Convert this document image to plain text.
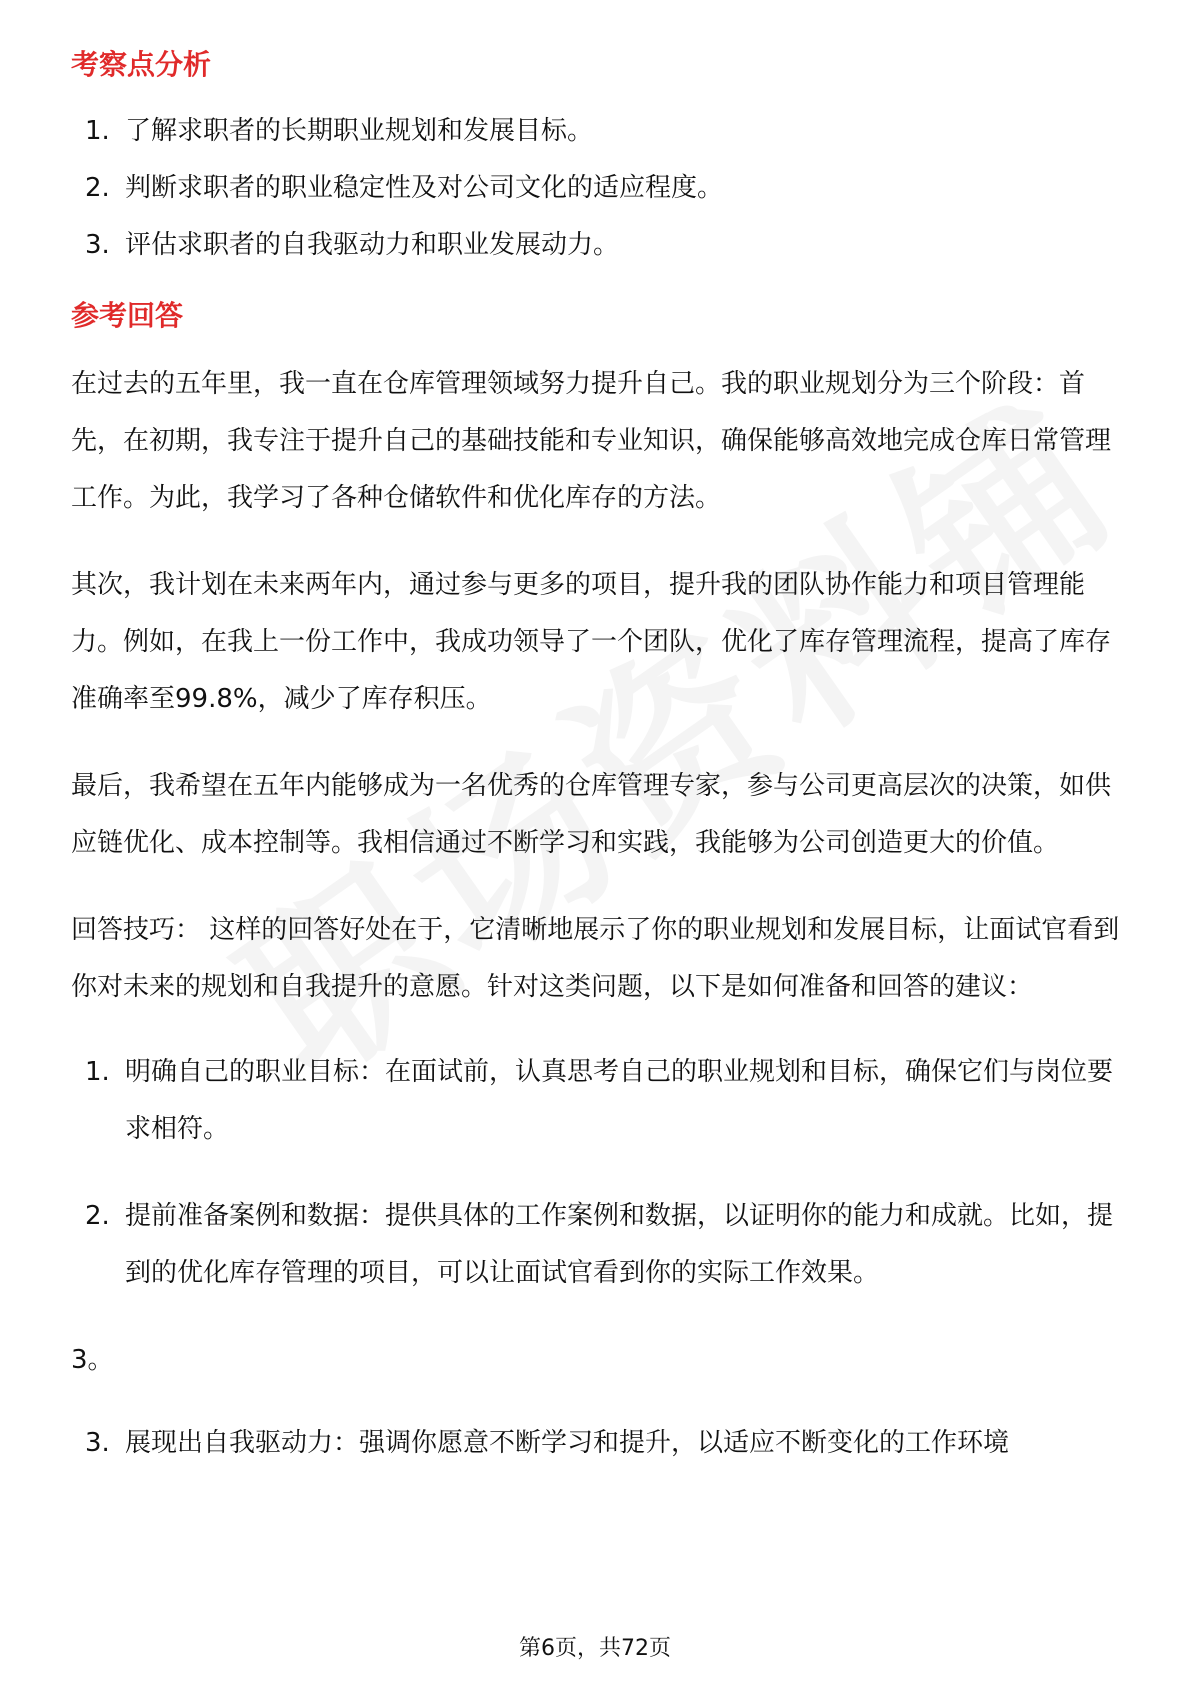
考察点分析
1. 了解求职者的长期职业规划和发展目标。
2. 判断求职者的职业稳定性及对公司文化的适应程度。
3. 评估求职者的自我驱动力和职业发展动力。
参考回答

在过去的五年里，我一直在仓库管理领域努力提升自己。我的职业规划分为三个阶段：首先，在初期，我专注于提升自己的基础技能和专业知识，确保能够高效地完成仓库日常管理工作。为此，我学习了各种仓储软件和优化库存的方法。

其次，我计划在未来两年内，通过参与更多的项目，提升我的团队协作能力和项目管理能力。例如，在我上一份工作中，我成功领导了一个团队，优化了库存管理流程，提高了库存准确率至99.8%，减少了库存积压。

最后，我希望在五年内能够成为一名优秀的仓库管理专家，参与公司更高层次的决策，如供应链优化、成本控制等。我相信通过不断学习和实践，我能够为公司创造更大的价值。

回答技巧： 这样的回答好处在于，它清晰地展示了你的职业规划和发展目标，让面试官看到你对未来的规划和自我提升的意愿。针对这类问题，以下是如何准备和回答的建议：

1. 明确自己的职业目标：在面试前，认真思考自己的职业规划和目标，确保它们与岗位要求相符。
2. 提前准备案例和数据：提供具体的工作案例和数据，以证明你的能力和成就。比如，提到的优化库存管理的项目，可以让面试官看到你的实际工作效果。

3。

3. 展现出自我驱动力：强调你愿意不断学习和提升，以适应不断变化的工作环境
第6页，共72页
